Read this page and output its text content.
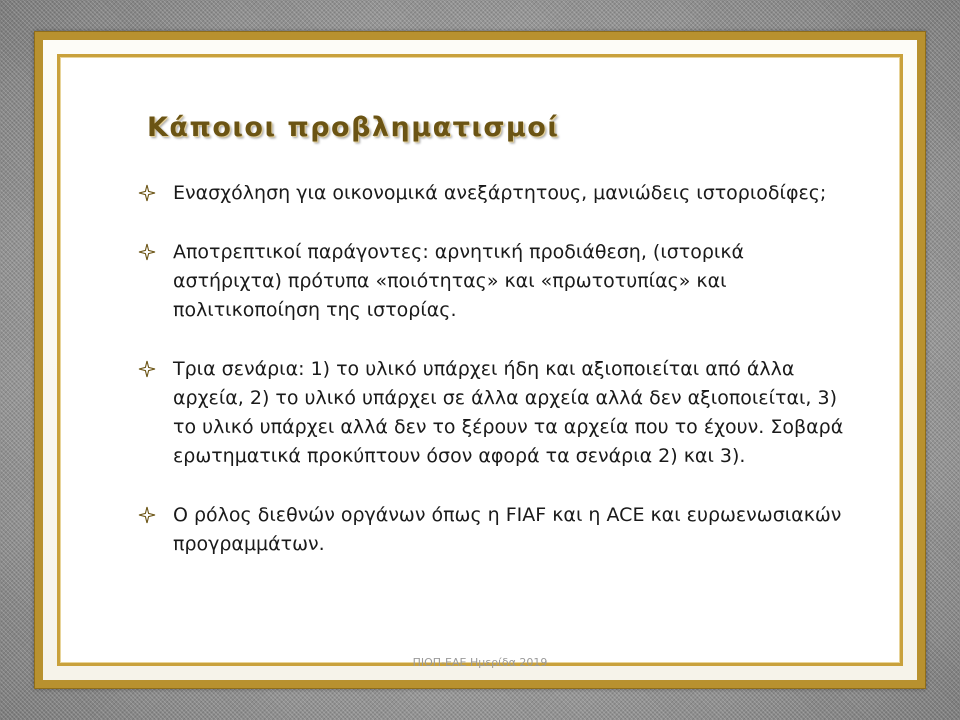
Κάποιοι προβληματισμοί
Ενασχόληση για οικονομικά ανεξάρτητους, μανιώδεις ιστοριοδίφες;
Αποτρεπτικοί παράγοντες: αρνητική προδιάθεση, (ιστορικά αστήριχτα) πρότυπα «ποιότητας» και «πρωτοτυπίας» και πολιτικοποίηση της ιστορίας.
Τρια σενάρια: 1) το υλικό υπάρχει ήδη και αξιοποιείται από άλλα αρχεία, 2) το υλικό υπάρχει σε άλλα αρχεία αλλά δεν αξιοποιείται, 3) το υλικό υπάρχει αλλά δεν το ξέρουν τα αρχεία που το έχουν. Σοβαρά ερωτηματικά προκύπτουν όσον αφορά τα σενάρια 2) και 3).
Ο ρόλος διεθνών οργάνων όπως η FIAF και η ACE και ευρωενωσιακών προγραμμάτων.
ΠΙΟΠ-ΕΑΕ Ημερίδα 2019
